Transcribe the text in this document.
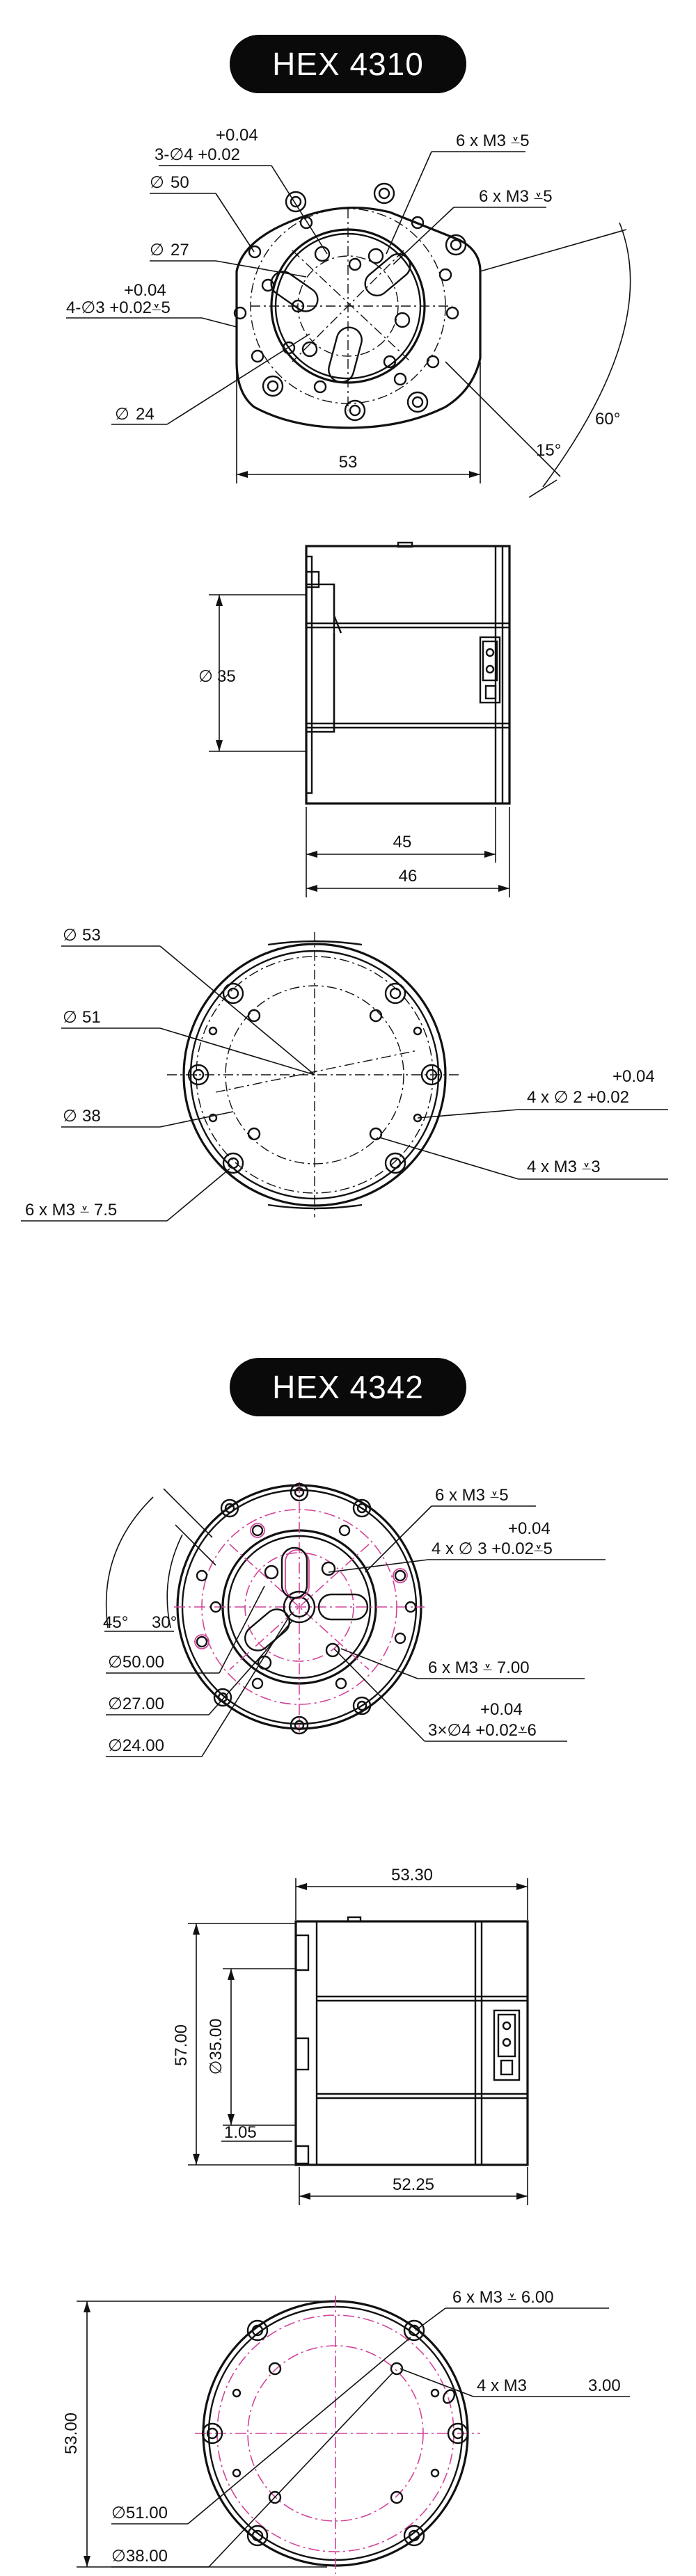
HEX 4310
+0.04
3-∅4 +0.02
6 x M3 ⩡5
6 x M3 ⩡5
∅ 50
∅ 27
+0.04
4-∅3 +0.02⩡5
∅ 24	60°
15°
53
∅ 35
45
46
∅ 53
∅ 51
∅ 38
+0.04
4 x ∅ 2 +0.02
4 x M3 ⩡3
6 x M3 ⩡ 7.5
HEX 4342
6 x M3 ⩡5
+0.04
4 x ∅ 3 +0.02⩡5
45° 30°
∅50.00
∅27.00
∅24.00
6 x M3 ⩡ 7.00
+0.04
3×∅4 +0.02⩡6
53.30
57.00 ∅35.00
1.05
52.25
6 x M3 ⩡ 6.00
4 x M3	3.00
53.00
∅51.00
∅38.00
